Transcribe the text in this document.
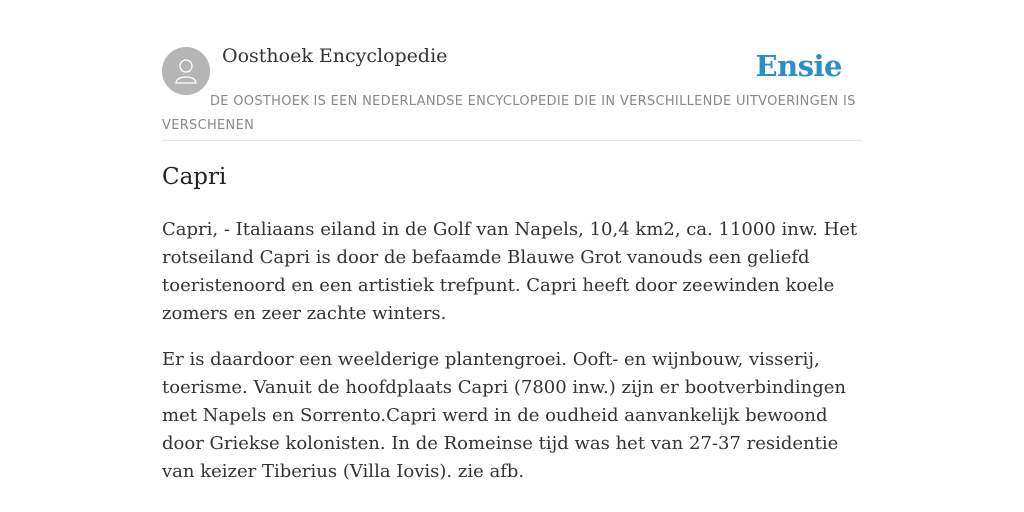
Oosthoek Encyclopedie	Ensie
DE OOSTHOEK IS EEN NEDERLANDSE ENCYCLOPEDIE DIE IN VERSCHILLENDE UITVOERINGEN IS VERSCHENEN
Capri

Capri, - Italiaans eiland in de Golf van Napels, 10,4 km2, ca. 11000 inw. Het rotseiland Capri is door de befaamde Blauwe Grot vanouds een geliefd toeristenoord en een artistiek trefpunt. Capri heeft door zeewinden koele zomers en zeer zachte winters.

Er is daardoor een weelderige plantengroei. Ooft- en wijnbouw, visserij, toerisme. Vanuit de hoofdplaats Capri (7800 inw.) zijn er bootverbindingen met Napels en Sorrento.Capri werd in de oudheid aanvankelijk bewoond door Griekse kolonisten. In de Romeinse tijd was het van 27-37 residentie van keizer Tiberius (Villa Iovis). zie afb.
